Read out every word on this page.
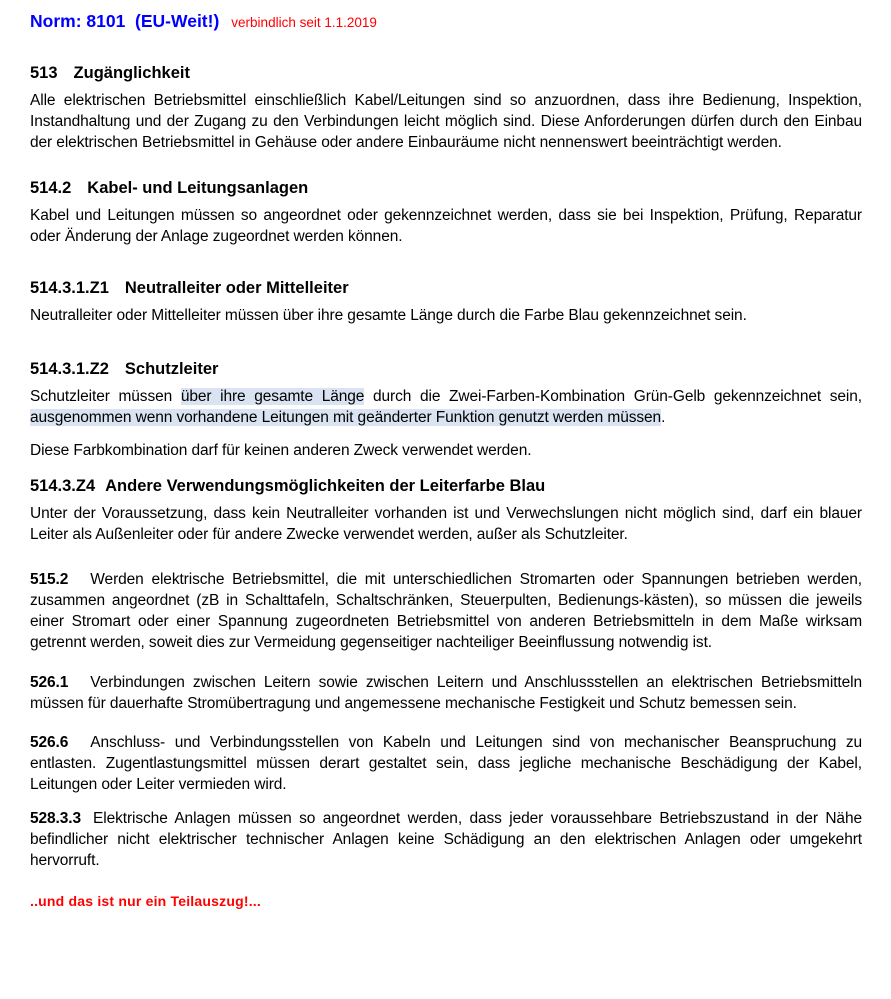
Norm: 8101  (EU-Weit!) verbindlich seit 1.1.2019
513 Zugänglichkeit

Alle elektrischen Betriebsmittel einschließlich Kabel/Leitungen sind so anzuordnen, dass ihre Bedienung, Inspektion, Instandhaltung und der Zugang zu den Verbindungen leicht möglich sind. Diese Anforderungen dürfen durch den Einbau der elektrischen Betriebsmittel in Gehäuse oder andere Einbauräume nicht nennenswert beeinträchtigt werden.

514.2 Kabel- und Leitungsanlagen

Kabel und Leitungen müssen so angeordnet oder gekennzeichnet werden, dass sie bei Inspektion, Prüfung, Reparatur oder Änderung der Anlage zugeordnet werden können.

514.3.1.Z1 Neutralleiter oder Mittelleiter

Neutralleiter oder Mittelleiter müssen über ihre gesamte Länge durch die Farbe Blau gekennzeichnet sein.

514.3.1.Z2 Schutzleiter

Schutzleiter müssen über ihre gesamte Länge durch die Zwei-Farben-Kombination Grün-Gelb gekennzeichnet sein, ausgenommen wenn vorhandene Leitungen mit geänderter Funktion genutzt werden müssen.

Diese Farbkombination darf für keinen anderen Zweck verwendet werden.

514.3.Z4 Andere Verwendungsmöglichkeiten der Leiterfarbe Blau

Unter der Voraussetzung, dass kein Neutralleiter vorhanden ist und Verwechslungen nicht möglich sind, darf ein blauer Leiter als Außenleiter oder für andere Zwecke verwendet werden, außer als Schutzleiter.

515.2 Werden elektrische Betriebsmittel, die mit unterschiedlichen Stromarten oder Spannungen betrieben werden, zusammen angeordnet (zB in Schalttafeln, Schaltschränken, Steuerpulten, Bedienungs-kästen), so müssen die jeweils einer Stromart oder einer Spannung zugeordneten Betriebsmittel von anderen Betriebsmitteln in dem Maße wirksam getrennt werden, soweit dies zur Vermeidung gegenseitiger nachteiliger Beeinflussung notwendig ist.

526.1 Verbindungen zwischen Leitern sowie zwischen Leitern und Anschlussstellen an elektrischen Betriebsmitteln müssen für dauerhafte Stromübertragung und angemessene mechanische Festigkeit und Schutz bemessen sein.

526.6 Anschluss- und Verbindungsstellen von Kabeln und Leitungen sind von mechanischer Beanspruchung zu entlasten. Zugentlastungsmittel müssen derart gestaltet sein, dass jegliche mechanische Beschädigung der Kabel, Leitungen oder Leiter vermieden wird.

528.3.3 Elektrische Anlagen müssen so angeordnet werden, dass jeder voraussehbare Betriebszustand in der Nähe befindlicher nicht elektrischer technischer Anlagen keine Schädigung an den elektrischen Anlagen oder umgekehrt hervorruft.

..und das ist nur ein Teilauszug!...
